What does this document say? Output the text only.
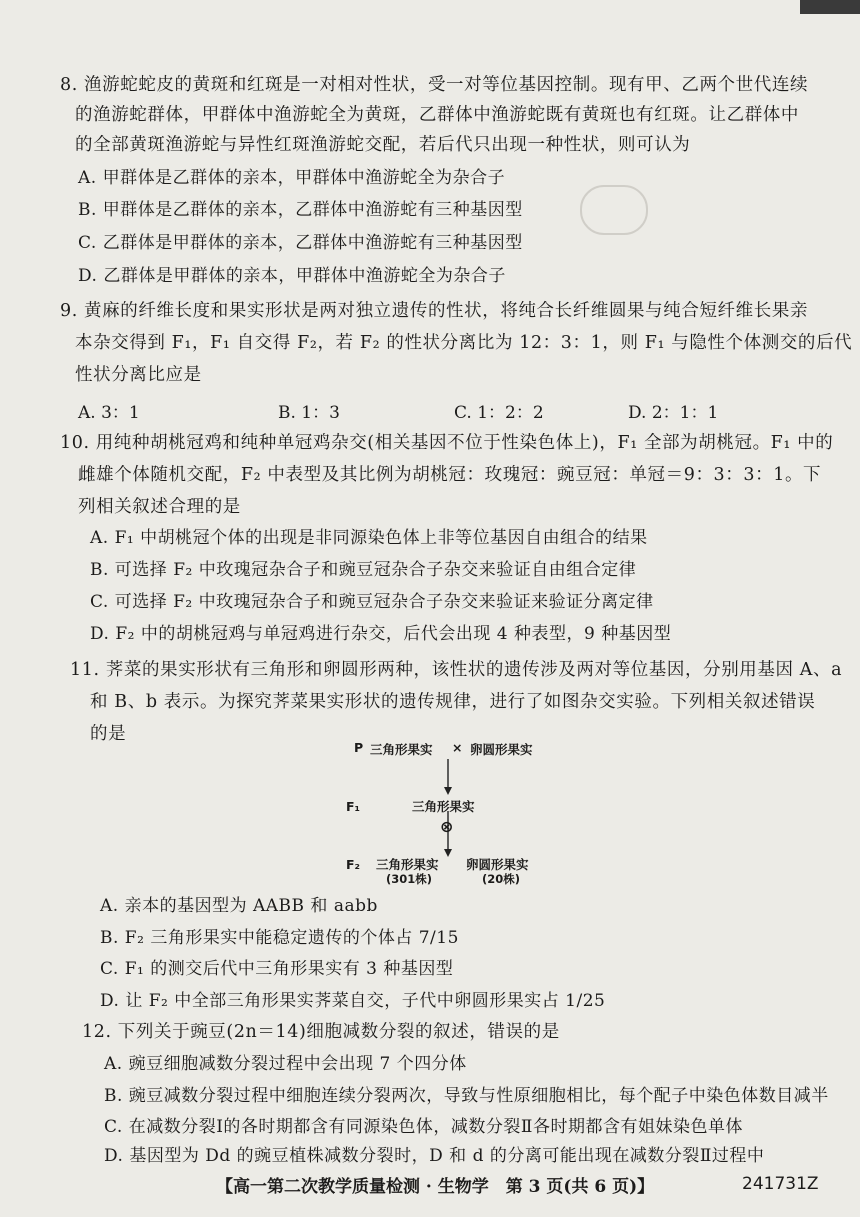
8. 渔游蛇蛇皮的黄斑和红斑是一对相对性状，受一对等位基因控制。现有甲、乙两个世代连续
的渔游蛇群体，甲群体中渔游蛇全为黄斑，乙群体中渔游蛇既有黄斑也有红斑。让乙群体中
的全部黄斑渔游蛇与异性红斑渔游蛇交配，若后代只出现一种性状，则可认为
A. 甲群体是乙群体的亲本，甲群体中渔游蛇全为杂合子
B. 甲群体是乙群体的亲本，乙群体中渔游蛇有三种基因型
C. 乙群体是甲群体的亲本，乙群体中渔游蛇有三种基因型
D. 乙群体是甲群体的亲本，甲群体中渔游蛇全为杂合子
9. 黄麻的纤维长度和果实形状是两对独立遗传的性状，将纯合长纤维圆果与纯合短纤维长果亲
本杂交得到 F₁，F₁ 自交得 F₂，若 F₂ 的性状分离比为 12：3：1，则 F₁ 与隐性个体测交的后代
性状分离比应是
A. 3：1	B. 1：3	C. 1：2：2	D. 2：1：1
10. 用纯种胡桃冠鸡和纯种单冠鸡杂交(相关基因不位于性染色体上)，F₁ 全部为胡桃冠。F₁ 中的
雌雄个体随机交配，F₂ 中表型及其比例为胡桃冠：玫瑰冠：豌豆冠：单冠＝9：3：3：1。下
列相关叙述合理的是
A. F₁ 中胡桃冠个体的出现是非同源染色体上非等位基因自由组合的结果
B. 可选择 F₂ 中玫瑰冠杂合子和豌豆冠杂合子杂交来验证自由组合定律
C. 可选择 F₂ 中玫瑰冠杂合子和豌豆冠杂合子杂交来验证来验证分离定律
D. F₂ 中的胡桃冠鸡与单冠鸡进行杂交，后代会出现 4 种表型，9 种基因型
11. 荠菜的果实形状有三角形和卵圆形两种，该性状的遗传涉及两对等位基因，分别用基因 A、a
和 B、b 表示。为探究荠菜果实形状的遗传规律，进行了如图杂交实验。下列相关叙述错误
的是
P 三角形果实 × 卵圆形果实
F₁	三角形果实
⊗
F₂ 三角形果实
(301株)
卵圆形果实
(20株)
A. 亲本的基因型为 AABB 和 aabb
B. F₂ 三角形果实中能稳定遗传的个体占 7/15
C. F₁ 的测交后代中三角形果实有 3 种基因型
D. 让 F₂ 中全部三角形果实荠菜自交，子代中卵圆形果实占 1/25
12. 下列关于豌豆(2n＝14)细胞减数分裂的叙述，错误的是
A. 豌豆细胞减数分裂过程中会出现 7 个四分体
B. 豌豆减数分裂过程中细胞连续分裂两次，导致与性原细胞相比，每个配子中染色体数目减半
C. 在减数分裂Ⅰ的各时期都含有同源染色体，减数分裂Ⅱ各时期都含有姐妹染色单体
D. 基因型为 Dd 的豌豆植株减数分裂时，D 和 d 的分离可能出现在减数分裂Ⅱ过程中
【高一第二次教学质量检测 · 生物学　第 3 页(共 6 页)】	241731Z
